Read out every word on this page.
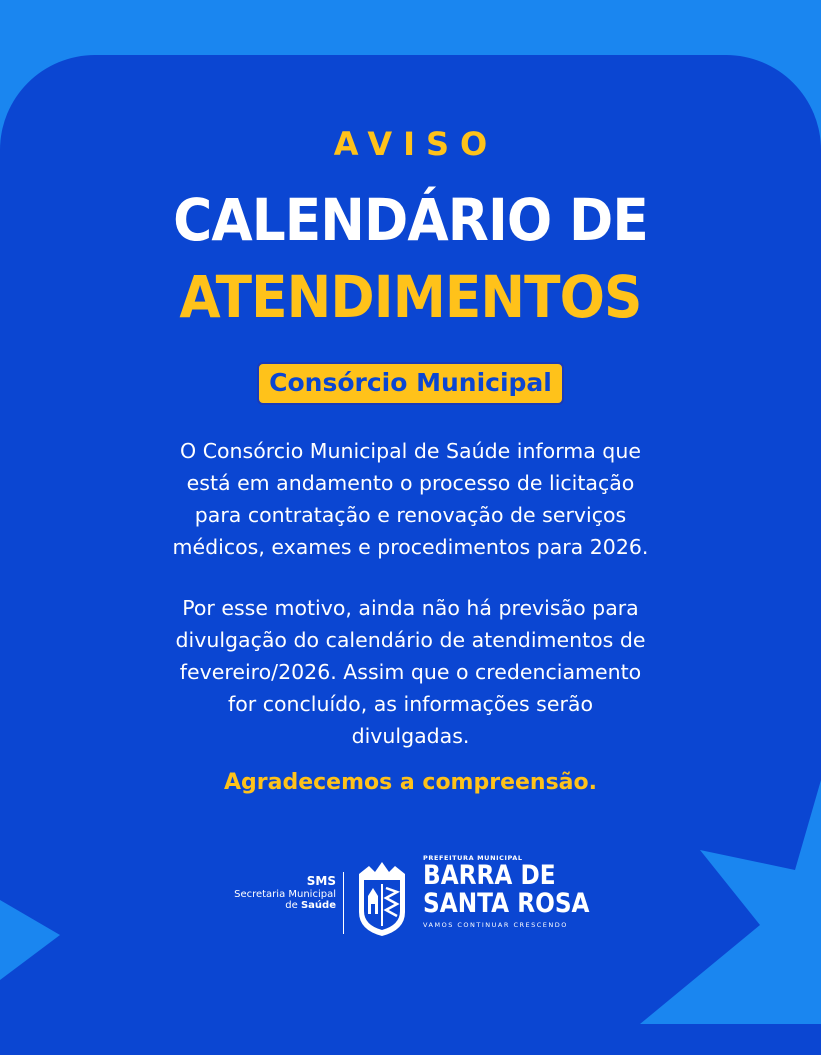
AVISO
CALENDÁRIO DE
ATENDIMENTOS
Consórcio Municipal
O Consórcio Municipal de Saúde informa que
está em andamento o processo de licitação
para contratação e renovação de serviços
médicos, exames e procedimentos para 2026.
Por esse motivo, ainda não há previsão para
divulgação do calendário de atendimentos de
fevereiro/2026. Assim que o credenciamento
for concluído, as informações serão
divulgadas.
Agradecemos a compreensão.
SMS
Secretaria Municipal
de Saúde
PREFEITURA MUNICIPAL
BARRA DE
SANTA ROSA
VAMOS CONTINUAR CRESCENDO
